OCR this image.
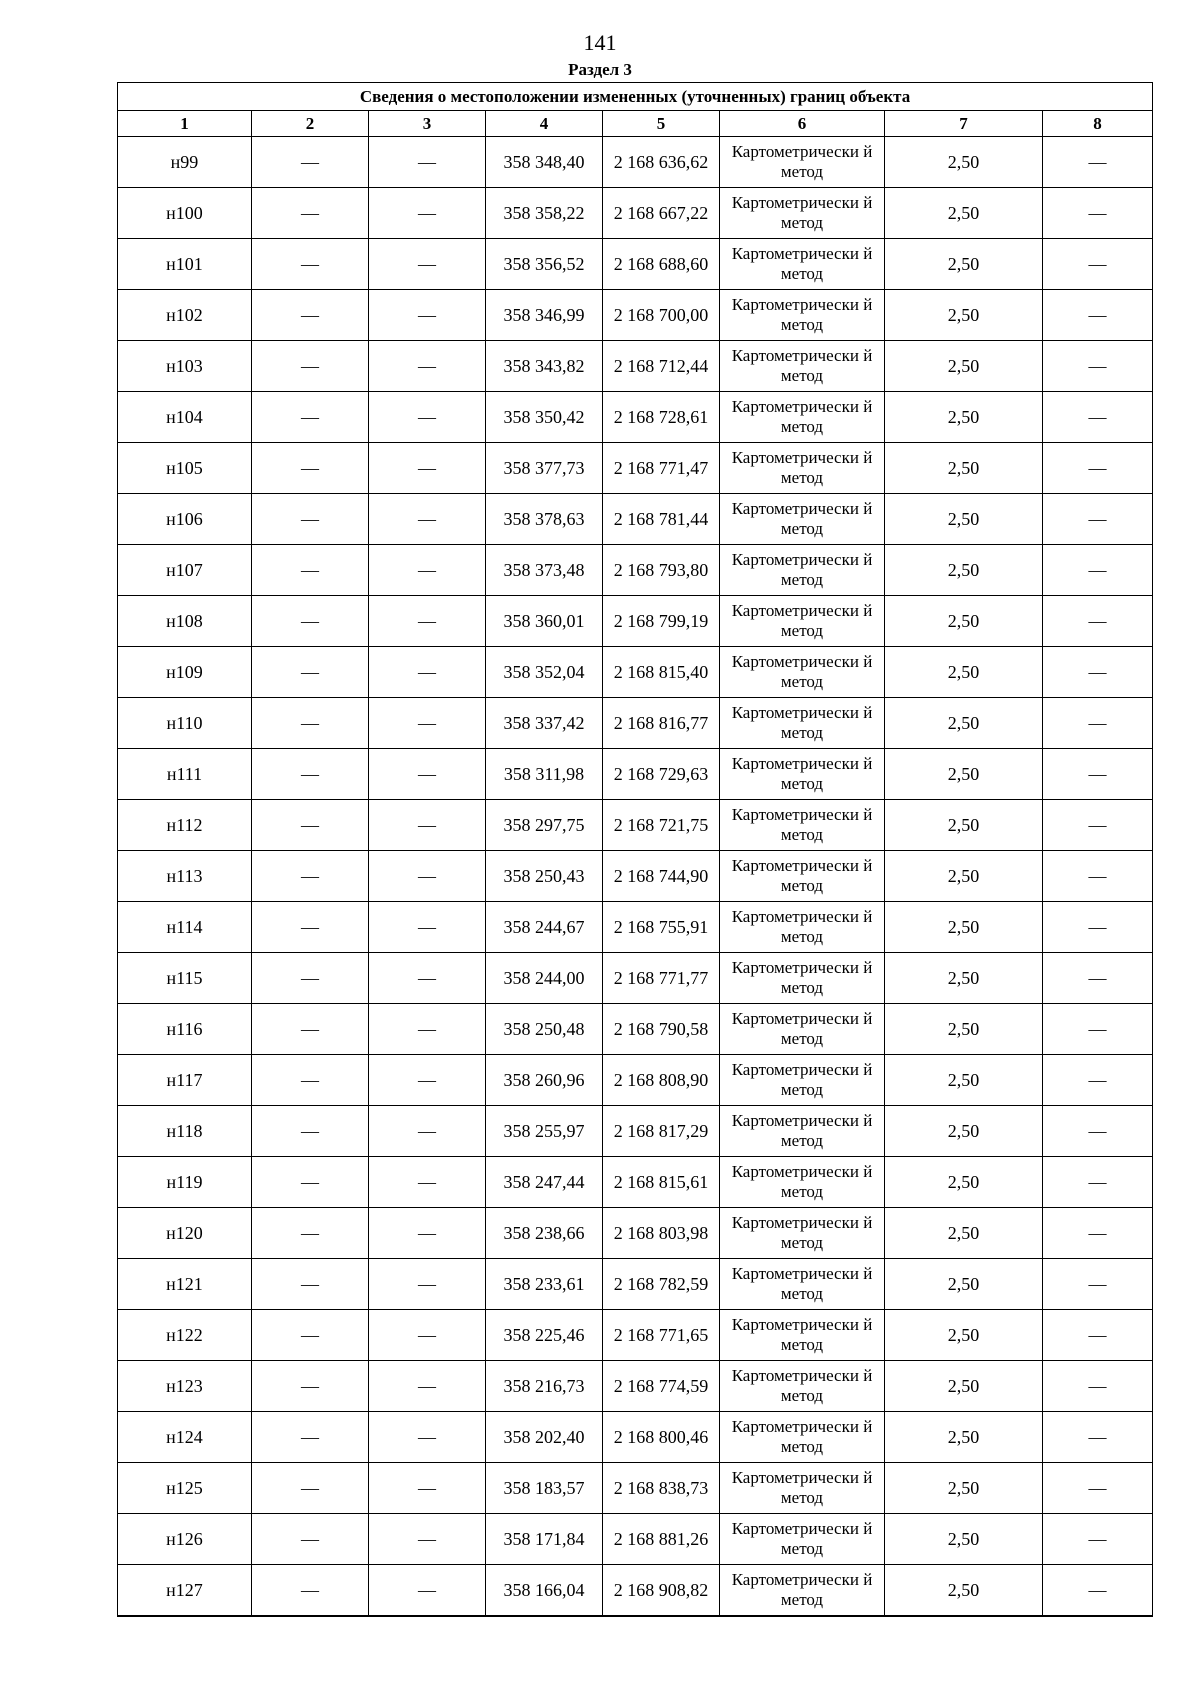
141
Раздел 3
Сведения о местоположении измененных (уточненных) границ объекта							
1	2	3	4	5	6	7	8
н99	—	—	358 348,40	2 168 636,62	Картометрически й метод	2,50	—
н100	—	—	358 358,22	2 168 667,22	Картометрически й метод	2,50	—
н101	—	—	358 356,52	2 168 688,60	Картометрически й метод	2,50	—
н102	—	—	358 346,99	2 168 700,00	Картометрически й метод	2,50	—
н103	—	—	358 343,82	2 168 712,44	Картометрически й метод	2,50	—
н104	—	—	358 350,42	2 168 728,61	Картометрически й метод	2,50	—
н105	—	—	358 377,73	2 168 771,47	Картометрически й метод	2,50	—
н106	—	—	358 378,63	2 168 781,44	Картометрически й метод	2,50	—
н107	—	—	358 373,48	2 168 793,80	Картометрически й метод	2,50	—
н108	—	—	358 360,01	2 168 799,19	Картометрически й метод	2,50	—
н109	—	—	358 352,04	2 168 815,40	Картометрически й метод	2,50	—
н110	—	—	358 337,42	2 168 816,77	Картометрически й метод	2,50	—
н111	—	—	358 311,98	2 168 729,63	Картометрически й метод	2,50	—
н112	—	—	358 297,75	2 168 721,75	Картометрически й метод	2,50	—
н113	—	—	358 250,43	2 168 744,90	Картометрически й метод	2,50	—
н114	—	—	358 244,67	2 168 755,91	Картометрически й метод	2,50	—
н115	—	—	358 244,00	2 168 771,77	Картометрически й метод	2,50	—
н116	—	—	358 250,48	2 168 790,58	Картометрически й метод	2,50	—
н117	—	—	358 260,96	2 168 808,90	Картометрически й метод	2,50	—
н118	—	—	358 255,97	2 168 817,29	Картометрически й метод	2,50	—
н119	—	—	358 247,44	2 168 815,61	Картометрически й метод	2,50	—
н120	—	—	358 238,66	2 168 803,98	Картометрически й метод	2,50	—
н121	—	—	358 233,61	2 168 782,59	Картометрически й метод	2,50	—
н122	—	—	358 225,46	2 168 771,65	Картометрически й метод	2,50	—
н123	—	—	358 216,73	2 168 774,59	Картометрически й метод	2,50	—
н124	—	—	358 202,40	2 168 800,46	Картометрически й метод	2,50	—
н125	—	—	358 183,57	2 168 838,73	Картометрически й метод	2,50	—
н126	—	—	358 171,84	2 168 881,26	Картометрически й метод	2,50	—
н127	—	—	358 166,04	2 168 908,82	Картометрически й метод	2,50	—
